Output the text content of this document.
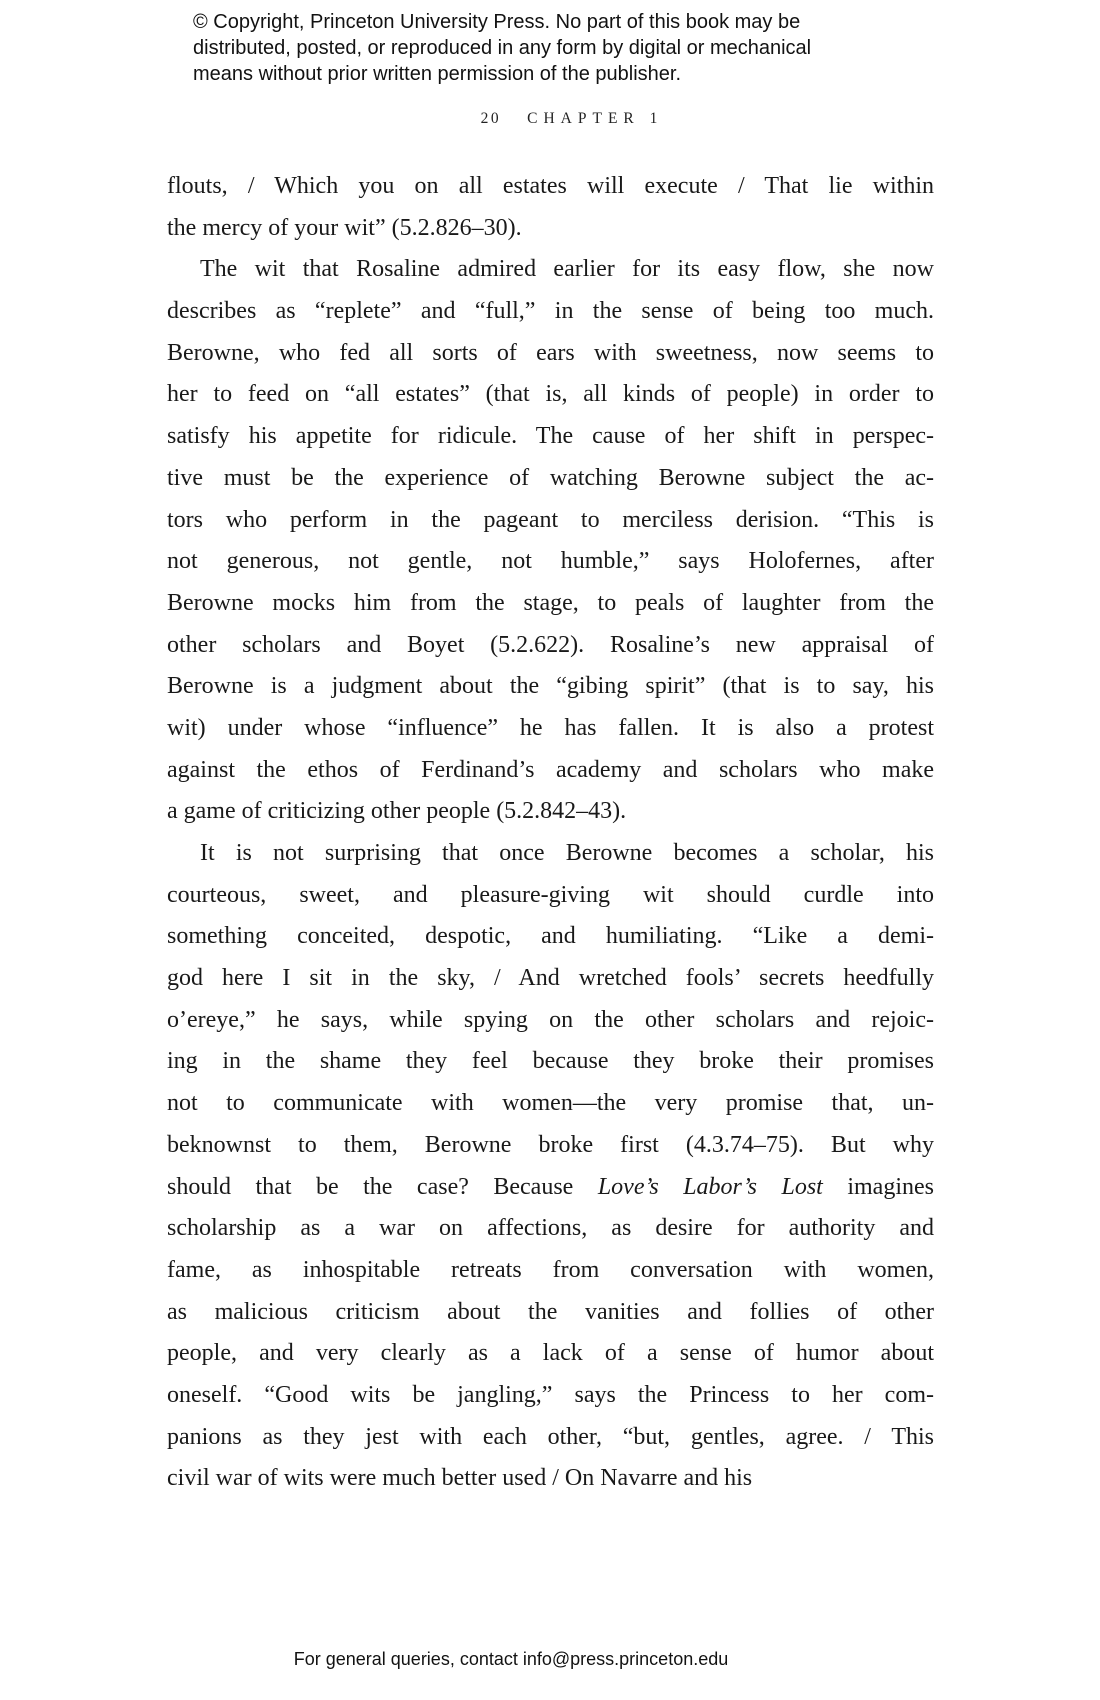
© Copyright, Princeton University Press. No part of this book may be
distributed, posted, or reproduced in any form by digital or mechanical
means without prior written permission of the publisher.
20 CHAPTER 1
flouts, / Which you on all estates will execute / That lie within
the mercy of your wit” (5.2.826–30).
The wit that Rosaline admired earlier for its easy flow, she now
describes as “replete” and “full,” in the sense of being too much.
Berowne, who fed all sorts of ears with sweetness, now seems to
her to feed on “all estates” (that is, all kinds of people) in order to
satisfy his appetite for ridicule. The cause of her shift in perspec-
tive must be the experience of watching Berowne subject the ac-
tors who perform in the pageant to merciless derision. “This is
not generous, not gentle, not humble,” says Holofernes, after
Berowne mocks him from the stage, to peals of laughter from the
other scholars and Boyet (5.2.622). Rosaline’s new appraisal of
Berowne is a judgment about the “gibing spirit” (that is to say, his
wit) under whose “influence” he has fallen. It is also a protest
against the ethos of Ferdinand’s academy and scholars who make
a game of criticizing other people (5.2.842–43).
It is not surprising that once Berowne becomes a scholar, his
courteous, sweet, and pleasure-giving wit should curdle into
something conceited, despotic, and humiliating. “Like a demi-
god here I sit in the sky, / And wretched fools’ secrets heedfully
o’ereye,” he says, while spying on the other scholars and rejoic-
ing in the shame they feel because they broke their promises
not to communicate with women—the very promise that, un-
beknownst to them, Berowne broke first (4.3.74–75). But why
should that be the case? Because Love’s Labor’s Lost imagines
scholarship as a war on affections, as desire for authority and
fame, as inhospitable retreats from conversation with women,
as malicious criticism about the vanities and follies of other
people, and very clearly as a lack of a sense of humor about
oneself. “Good wits be jangling,” says the Princess to her com-
panions as they jest with each other, “but, gentles, agree. / This
civil war of wits were much better used / On Navarre and his
For general queries, contact info@press.princeton.edu
